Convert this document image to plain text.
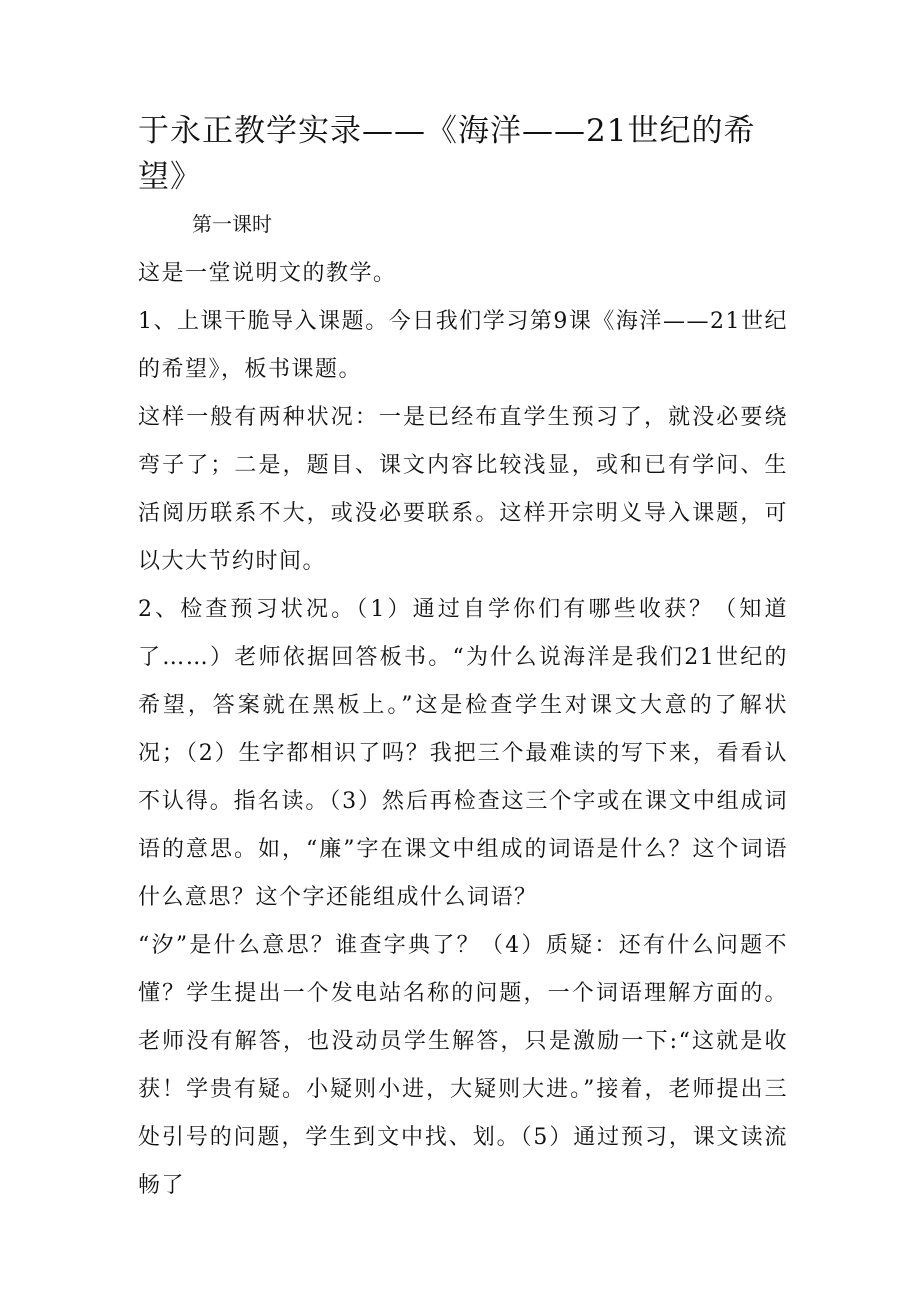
于永正教学实录——《海洋——21世纪的希望》

第一课时

这是一堂说明文的教学。

1、上课干脆导入课题。今日我们学习第9课《海洋——21世纪的希望》，板书课题。

这样一般有两种状况：一是已经布直学生预习了，就没必要绕弯子了；二是，题目、课文内容比较浅显，或和已有学问、生活阅历联系不大，或没必要联系。这样开宗明义导入课题，可以大大节约时间。

2、检查预习状况。（1）通过自学你们有哪些收获？（知道了……）老师依据回答板书。“为什么说海洋是我们21世纪的希望，答案就在黑板上。”这是检查学生对课文大意的了解状况；（2）生字都相识了吗？我把三个最难读的写下来，看看认不认得。指名读。（3）然后再检查这三个字或在课文中组成词语的意思。如，“廉”字在课文中组成的词语是什么？这个词语什么意思？这个字还能组成什么词语？

“汐”是什么意思？谁查字典了？（4）质疑：还有什么问题不懂？学生提出一个发电站名称的问题，一个词语理解方面的。老师没有解答，也没动员学生解答，只是激励一下:“这就是收获！学贵有疑。小疑则小进，大疑则大进。”接着，老师提出三处引号的问题，学生到文中找、划。（5）通过预习，课文读流畅了
